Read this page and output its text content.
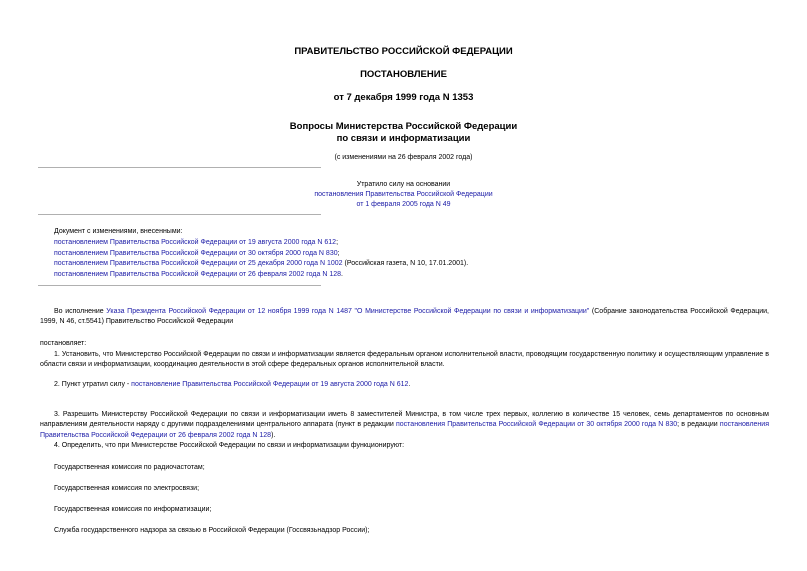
ПРАВИТЕЛЬСТВО РОССИЙСКОЙ ФЕДЕРАЦИИ
ПОСТАНОВЛЕНИЕ
от 7 декабря 1999 года N 1353
Вопросы Министерства Российской Федерации
по связи и информатизации
(с изменениями на 26 февраля 2002 года)
Утратило силу на основании
постановления Правительства Российской Федерации
от 1 февраля 2005 года N 49
Документ с изменениями, внесенными:
постановлением Правительства Российской Федерации от 19 августа 2000 года N 612;
постановлением Правительства Российской Федерации от 30 октября 2000 года N 830;
постановлением Правительства Российской Федерации от 25 декабря 2000 года N 1002 (Российская газета, N 10, 17.01.2001).
постановлением Правительства Российской Федерации от 26 февраля 2002 года N 128.
Во исполнение Указа Президента Российской Федерации от 12 ноября 1999 года N 1487 "О Министерстве Российской Федерации по связи и информатизации" (Собрание законодательства Российской Федерации, 1999, N 46, ст.5541) Правительство Российской Федерации
постановляет:
1. Установить, что Министерство Российской Федерации по связи и информатизации является федеральным органом исполнительной власти, проводящим государственную политику и осуществляющим управление в области связи и информатизации, координацию деятельности в этой сфере федеральных органов исполнительной власти.
2. Пункт утратил силу - постановление Правительства Российской Федерации от 19 августа 2000 года N 612.
3. Разрешить Министерству Российской Федерации по связи и информатизации иметь 8 заместителей Министра, в том числе трех первых, коллегию в количестве 15 человек, семь департаментов по основным направлениям деятельности наряду с другими подразделениями центрального аппарата (пункт в редакции постановления Правительства Российской Федерации от 30 октября 2000 года N 830; в редакции постановления Правительства Российской Федерации от 26 февраля 2002 года N 128).
4. Определить, что при Министерстве Российской Федерации по связи и информатизации функционируют:
Государственная комиссия по радиочастотам;
Государственная комиссия по электросвязи;
Государственная комиссия по информатизации;
Служба государственного надзора за связью в Российской Федерации (Госсвязьнадзор России);
